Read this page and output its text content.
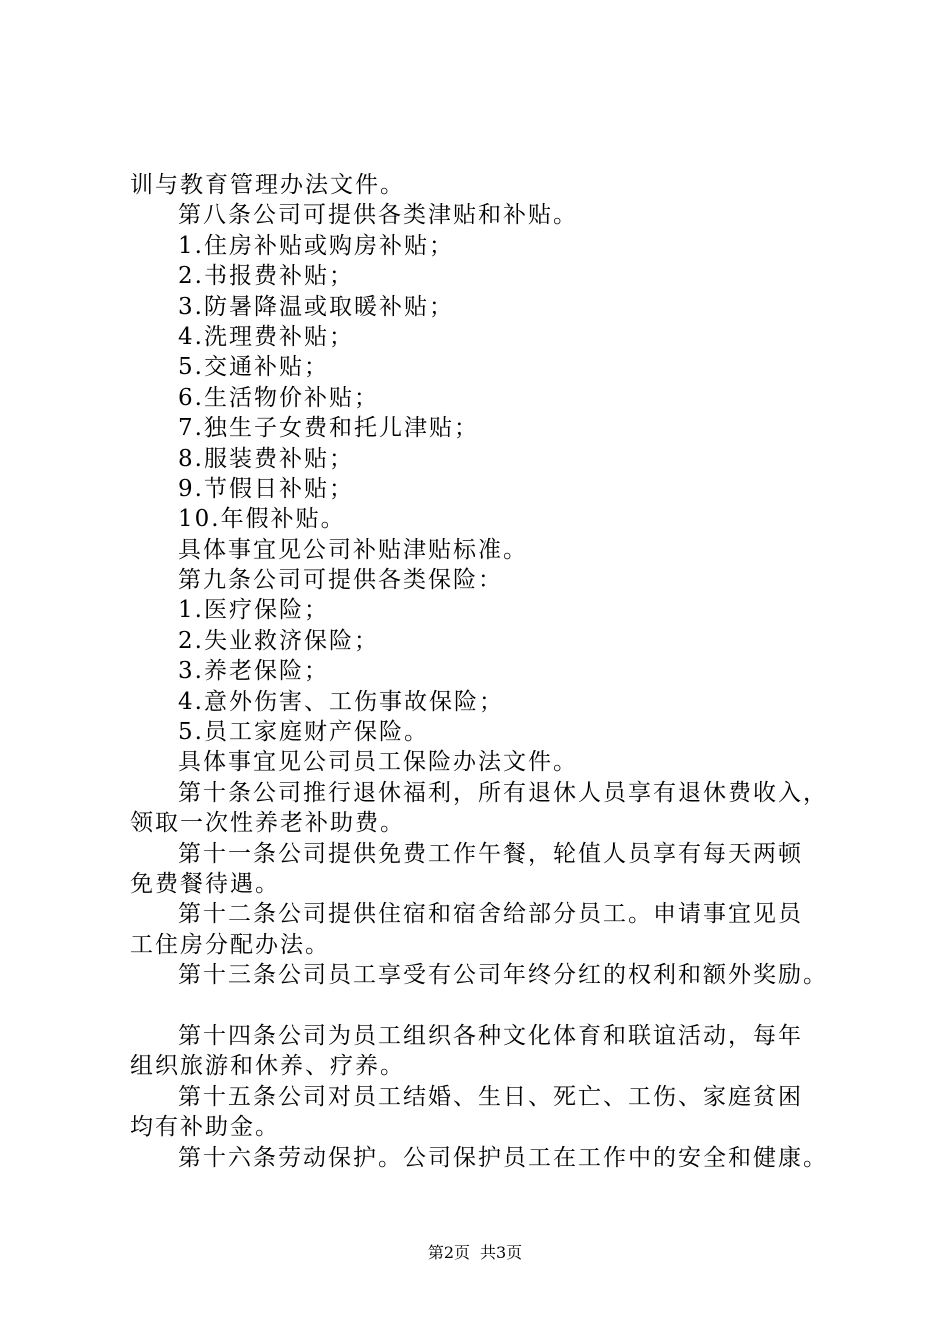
训与教育管理办法文件。
第八条公司可提供各类津贴和补贴。
1.住房补贴或购房补贴；
2.书报费补贴；
3.防暑降温或取暖补贴；
4.洗理费补贴；
5.交通补贴；
6.生活物价补贴；
7.独生子女费和托儿津贴；
8.服装费补贴；
9.节假日补贴；
10.年假补贴。
具体事宜见公司补贴津贴标准。
第九条公司可提供各类保险：
1.医疗保险；
2.失业救济保险；
3.养老保险；
4.意外伤害、工伤事故保险；
5.员工家庭财产保险。
具体事宜见公司员工保险办法文件。
第十条公司推行退休福利，所有退休人员享有退休费收入，
领取一次性养老补助费。
第十一条公司提供免费工作午餐，轮值人员享有每天两顿
免费餐待遇。
第十二条公司提供住宿和宿舍给部分员工。申请事宜见员
工住房分配办法。
第十三条公司员工享受有公司年终分红的权利和额外奖励。
第十四条公司为员工组织各种文化体育和联谊活动，每年
组织旅游和休养、疗养。
第十五条公司对员工结婚、生日、死亡、工伤、家庭贫困
均有补助金。
第十六条劳动保护。公司保护员工在工作中的安全和健康。
第2页 共3页
